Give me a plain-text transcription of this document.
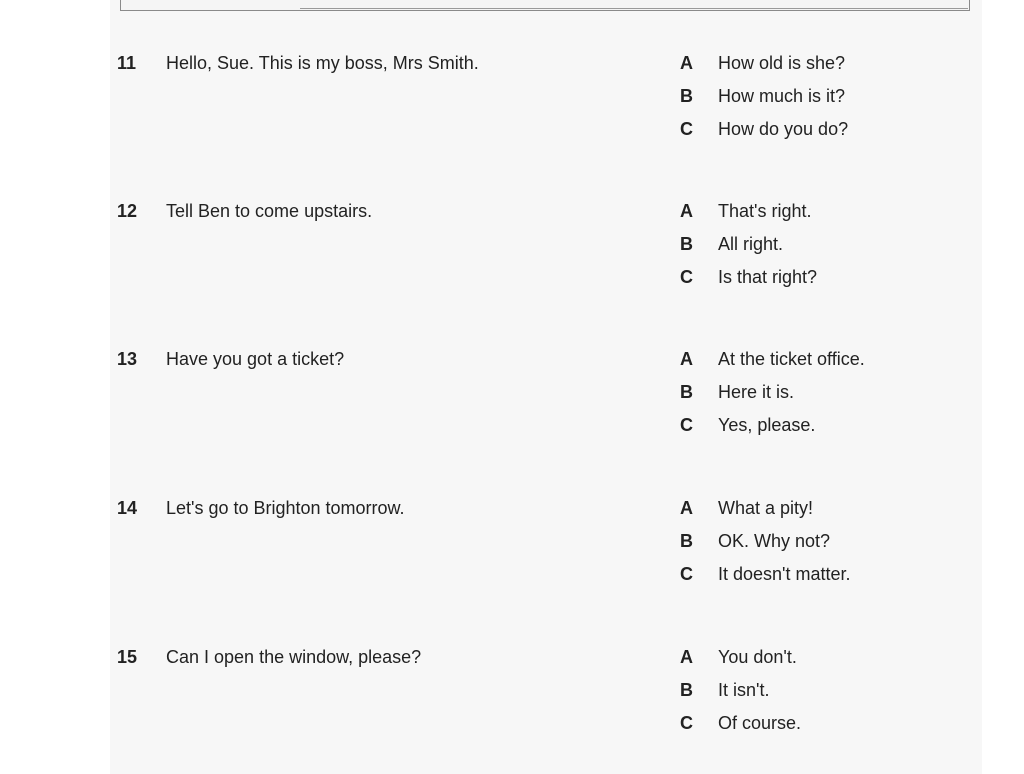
11 Hello, Sue. This is my boss, Mrs Smith.	A How old is she?
B How much is it?
C How do you do?
12 Tell Ben to come upstairs.	A That's right.
B All right.
C Is that right?
13 Have you got a ticket?	A At the ticket office.
B Here it is.
C Yes, please.
14 Let's go to Brighton tomorrow.	A What a pity!
B OK. Why not?
C It doesn't matter.
15 Can I open the window, please?	A You don't.
B It isn't.
C Of course.
